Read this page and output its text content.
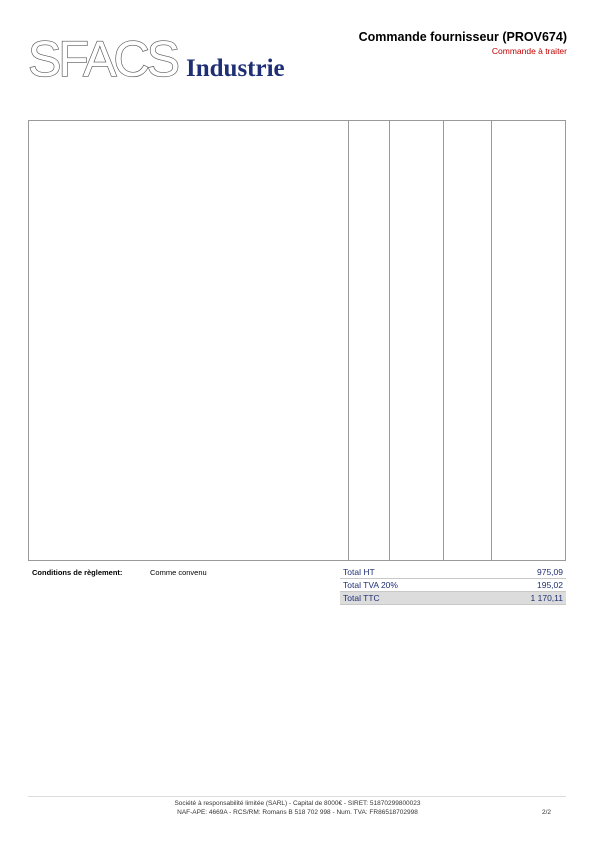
SFACS Industrie
Commande fournisseur (PROV674)
Commande à traiter
Conditions de règlement:	Comme convenu	Total HT	975,09
Total TVA 20%	195,02
Total TTC	1 170,11
Société à responsabilité limitée (SARL) - Capital de 8000€ - SIRET: 51870299800023
NAF-APE: 4669A - RCS/RM: Romans B 518 702 998 - Num. TVA: FR86518702998	2/2
